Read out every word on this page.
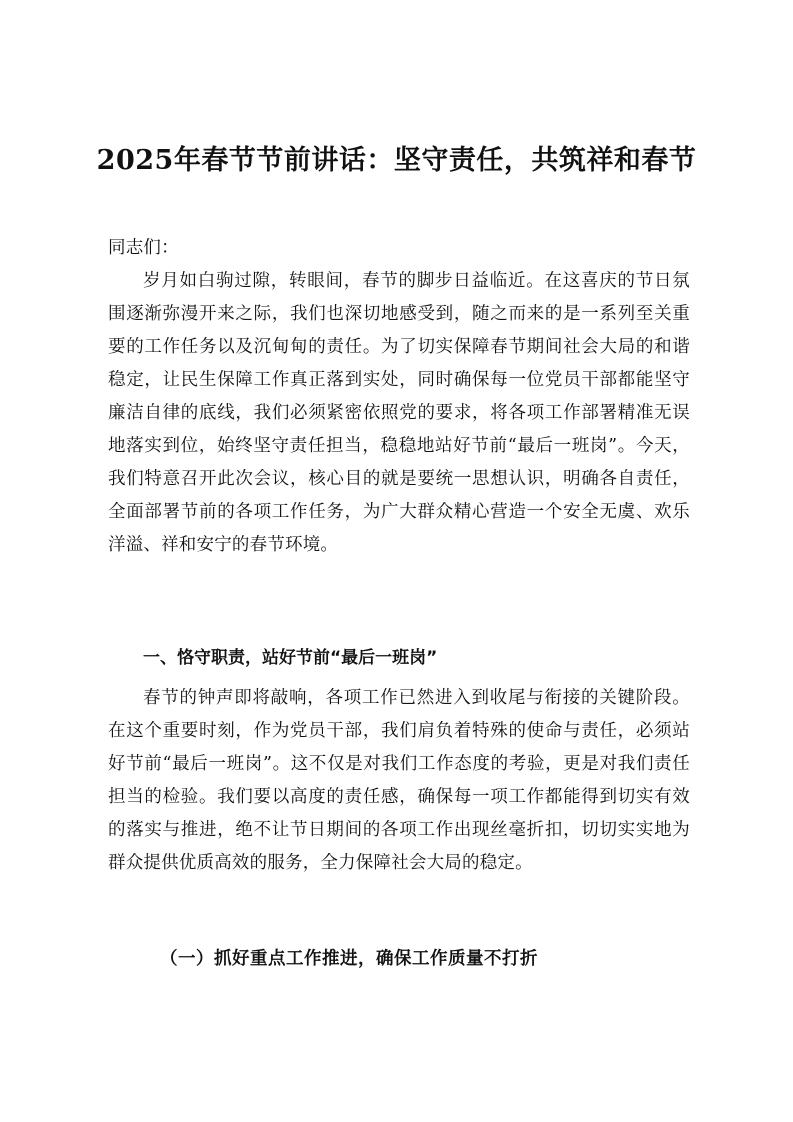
2025年春节节前讲话：坚守责任，共筑祥和春节

同志们：

岁月如白驹过隙，转眼间，春节的脚步日益临近。在这喜庆的节日氛围逐渐弥漫开来之际，我们也深切地感受到，随之而来的是一系列至关重要的工作任务以及沉甸甸的责任。为了切实保障春节期间社会大局的和谐稳定，让民生保障工作真正落到实处，同时确保每一位党员干部都能坚守廉洁自律的底线，我们必须紧密依照党的要求，将各项工作部署精准无误地落实到位，始终坚守责任担当，稳稳地站好节前“最后一班岗”。今天，我们特意召开此次会议，核心目的就是要统一思想认识，明确各自责任，全面部署节前的各项工作任务，为广大群众精心营造一个安全无虞、欢乐洋溢、祥和安宁的春节环境。

一、恪守职责，站好节前“最后一班岗”

春节的钟声即将敲响，各项工作已然进入到收尾与衔接的关键阶段。在这个重要时刻，作为党员干部，我们肩负着特殊的使命与责任，必须站好节前“最后一班岗”。这不仅是对我们工作态度的考验，更是对我们责任担当的检验。我们要以高度的责任感，确保每一项工作都能得到切实有效的落实与推进，绝不让节日期间的各项工作出现丝毫折扣，切切实实地为群众提供优质高效的服务，全力保障社会大局的稳定。

（一）抓好重点工作推进，确保工作质量不打折
